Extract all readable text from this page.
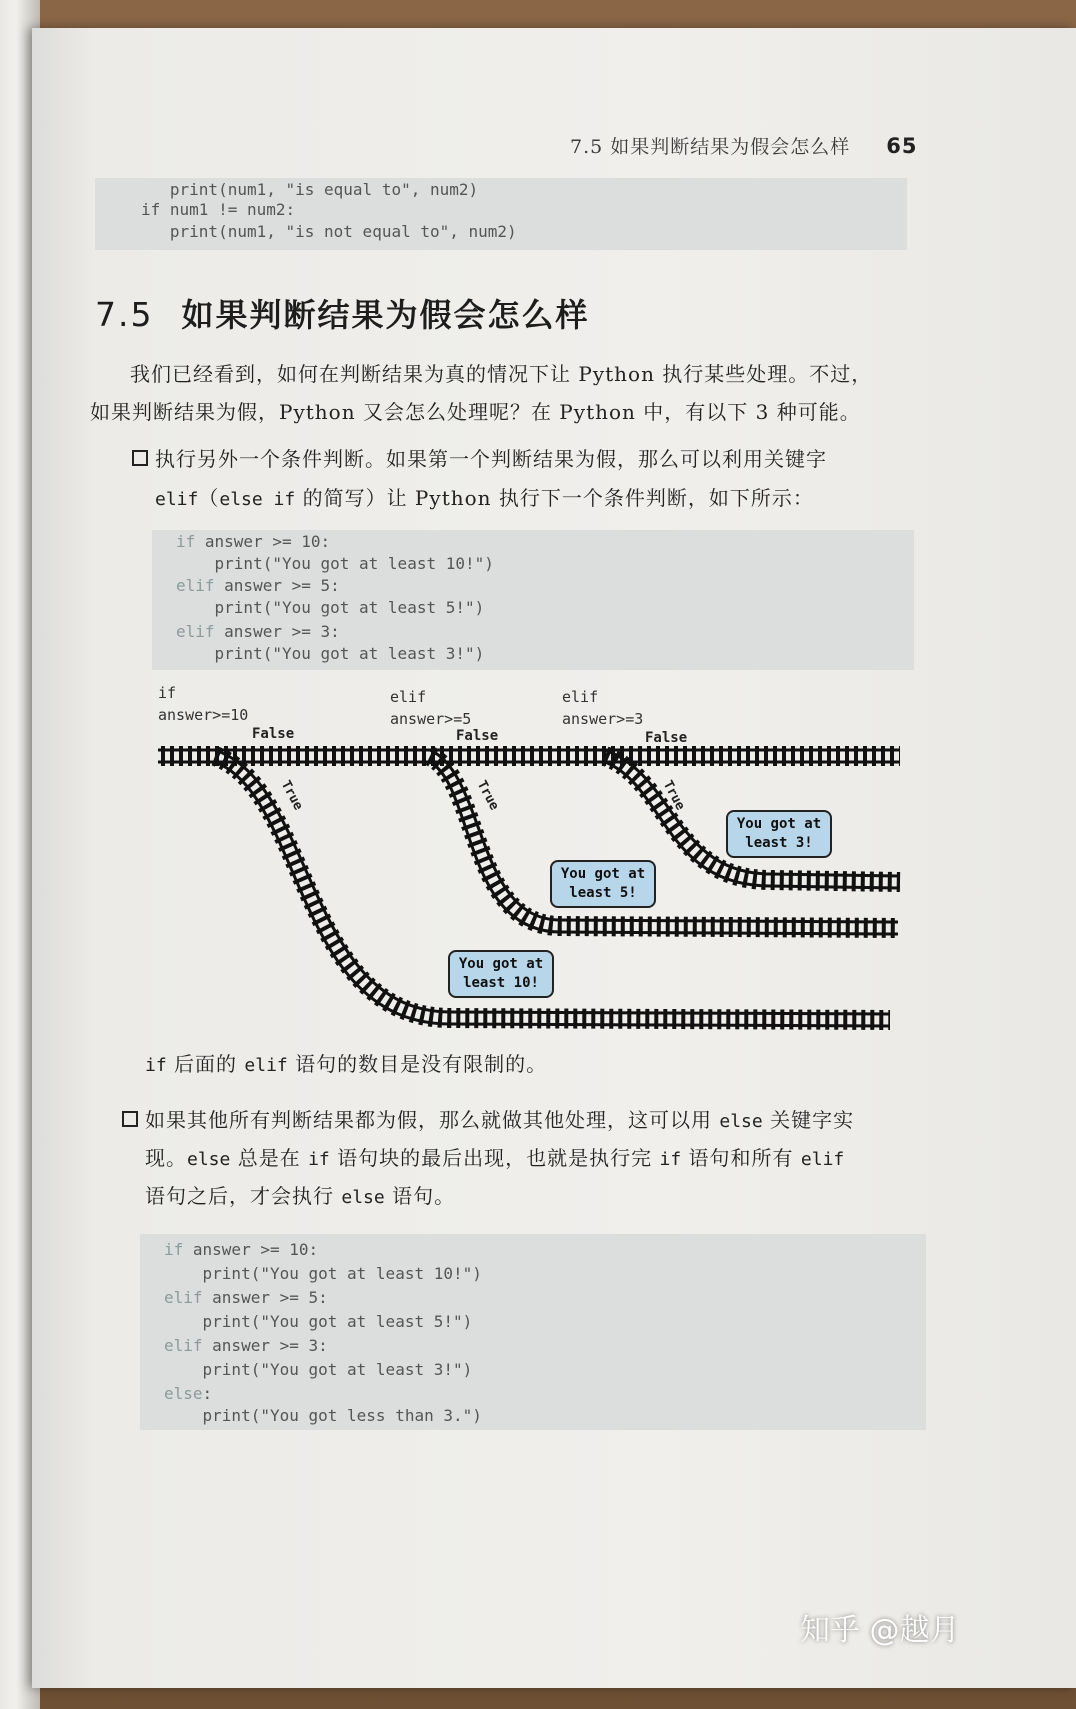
7.5 如果判断结果为假会怎么样 65
print(num1, "is equal to", num2)
if num1 != num2:
print(num1, "is not equal to", num2)
7.5 如果判断结果为假会怎么样
我们已经看到，如何在判断结果为真的情况下让 Python 执行某些处理。不过，
如果判断结果为假，Python 又会怎么处理呢？在 Python 中，有以下 3 种可能。
执行另外一个条件判断。如果第一个判断结果为假，那么可以利用关键字
elif（else if 的简写）让 Python 执行下一个条件判断，如下所示：
if answer >= 10:
print("You got at least 10!")
elif answer >= 5:
print("You got at least 5!")
elif answer >= 3:
print("You got at least 3!")
if
answer>=10
elif
answer>=5
elif
answer>=3
False	False	False
True	True	True
You got at
least 3!
You got at
least 5!
You got at
least 10!
if 后面的 elif 语句的数目是没有限制的。
如果其他所有判断结果都为假，那么就做其他处理，这可以用 else 关键字实
现。else 总是在 if 语句块的最后出现，也就是执行完 if 语句和所有 elif
语句之后，才会执行 else 语句。
if answer >= 10:
print("You got at least 10!")
elif answer >= 5:
print("You got at least 5!")
elif answer >= 3:
print("You got at least 3!")
else:
print("You got less than 3.")
知乎 @越月
